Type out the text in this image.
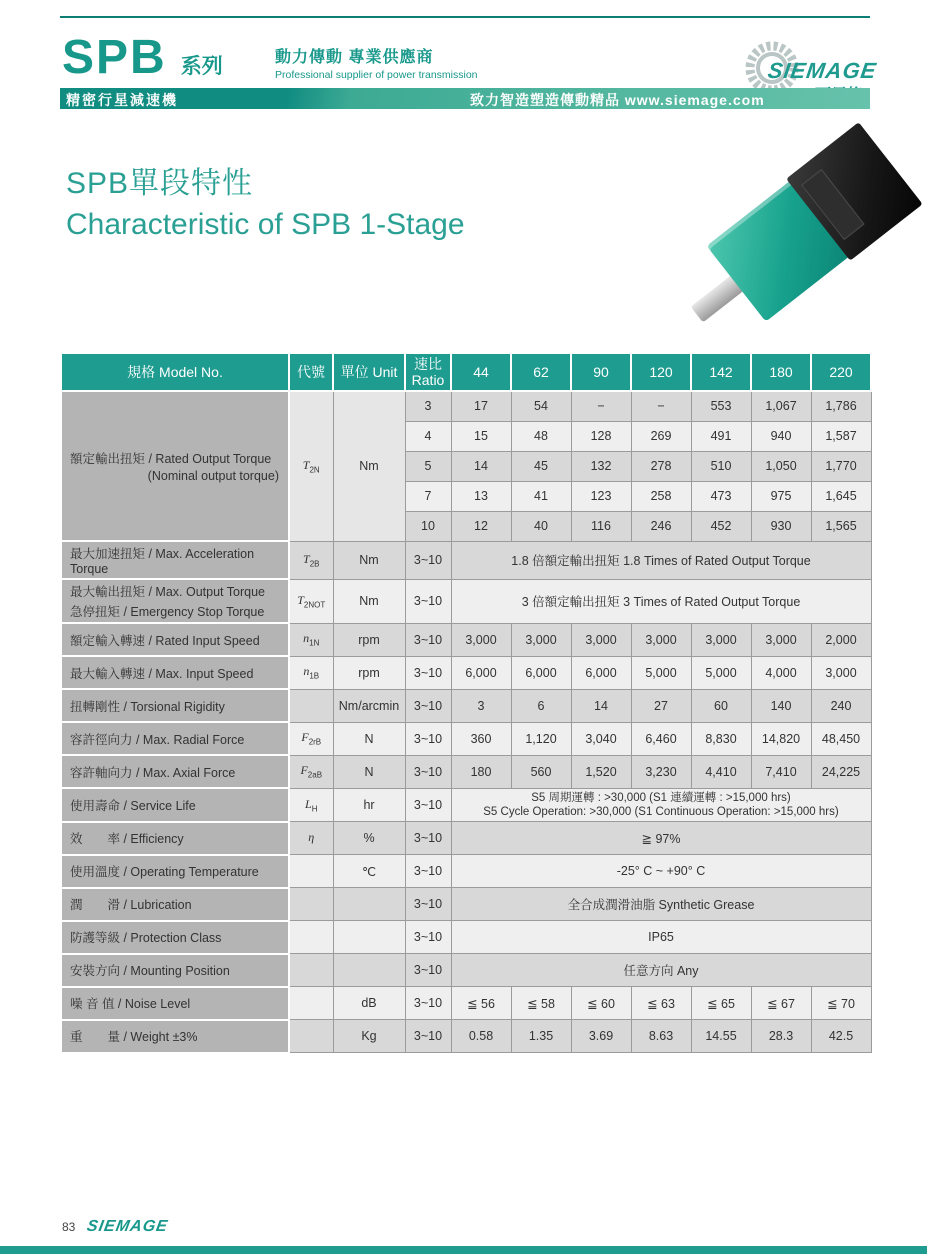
SPB 系列	動力傳動 專業供應商
Professional supplier of power transmission	SIEMAGE
精密行星減速機	致力智造塑造傳動精品 www.siemage.com
SPB單段特性
Characteristic of SPB 1-Stage
規格 Model No.	代號	單位 Unit	速比
Ratio	44	62	90	120	142	180	220
額定輸出扭矩 / Rated Output Torque
(Nominal output torque)	$T_{2N}$	Nm	3	17	54	−	−	553	1,067	1,786
			4	15	48	128	269	491	940	1,587
			5	14	45	132	278	510	1,050	1,770
			7	13	41	123	258	473	975	1,645
			10	12	40	116	246	452	930	1,565
最大加速扭矩 / Max. Acceleration Torque	$T_{2B}$	Nm	3~10	1.8 倍額定輸出扭矩 1.8 Times of Rated Output Torque						
最大輸出扭矩 / Max. Output Torque
急停扭矩 / Emergency Stop Torque	$T_{2NOT}$	Nm	3~10	3 倍額定輸出扭矩 3 Times of Rated Output Torque						
額定輸入轉速 / Rated Input Speed	$n_{1N}$	rpm	3~10	3,000	3,000	3,000	3,000	3,000	3,000	2,000
最大輸入轉速 / Max. Input Speed	$n_{1B}$	rpm	3~10	6,000	6,000	6,000	5,000	5,000	4,000	3,000
扭轉剛性 / Torsional Rigidity		Nm/arcmin	3~10	3	6	14	27	60	140	240
容許徑向力 / Max. Radial Force	$F_{2rB}$	N	3~10	360	1,120	3,040	6,460	8,830	14,820	48,450
容許軸向力 / Max. Axial Force	$F_{2aB}$	N	3~10	180	560	1,520	3,230	4,410	7,410	24,225
使用壽命 / Service Life	$L_H$	hr	3~10	S5 周期運轉 : >30,000 (S1 連續運轉 : >15,000 hrs)
S5 Cycle Operation: >30,000 (S1 Continuous Operation: >15,000 hrs)						

效　　率 / Efficiency	η	%	3~10	≧ 97%						
使用溫度 / Operating Temperature		℃	3~10	-25° C ~ +90° C						
潤　　滑 / Lubrication			3~10	全合成潤滑油脂 Synthetic Grease						
防護等級 / Protection Class			3~10	IP65						
安裝方向 / Mounting Position			3~10	任意方向 Any						
噪 音 值 / Noise Level		dB	3~10	≦ 56	≦ 58	≦ 60	≦ 63	≦ 65	≦ 67	≦ 70
重　　量 / Weight ±3%		Kg	3~10	0.58	1.35	3.69	8.63	14.55	28.3	42.5
83 SIEMAGE
